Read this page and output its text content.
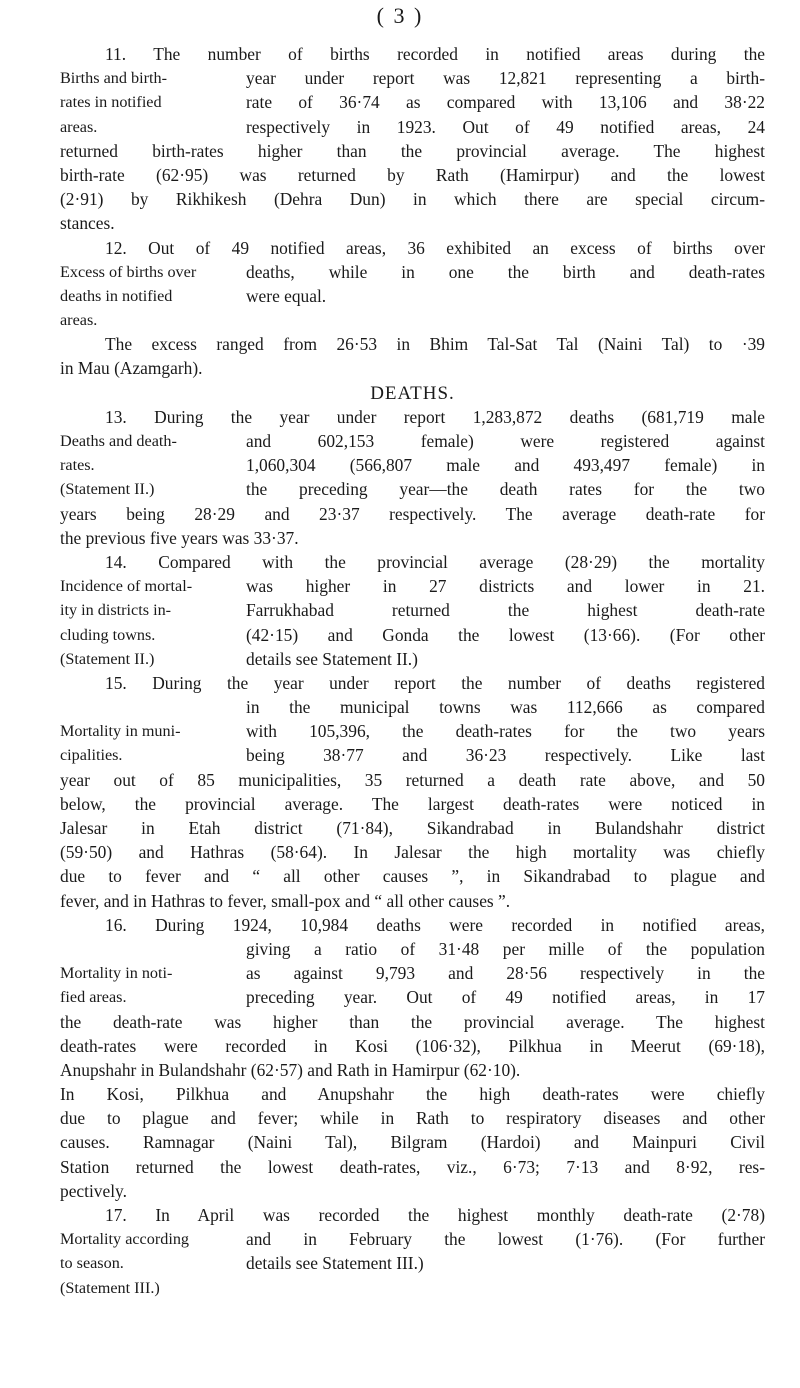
( 3 )
11. The number of births recorded in notified areas during the
Births and birth-	year under report was 12,821 representing a birth-
rates in notified	rate of 36·74 as compared with 13,106 and 38·22
areas.	respectively in 1923. Out of 49 notified areas, 24
returned birth-rates higher than the provincial average. The highest
birth-rate (62·95) was returned by Rath (Hamirpur) and the lowest
(2·91) by Rikhikesh (Dehra Dun) in which there are special circum-
stances.
12. Out of 49 notified areas, 36 exhibited an excess of births over
Excess of births over	deaths, while in one the birth and death-rates
deaths in notified	were equal.
areas.
The excess ranged from 26·53 in Bhim Tal-Sat Tal (Naini Tal) to ·39
in Mau (Azamgarh).
DEATHS.
13. During the year under report 1,283,872 deaths (681,719 male
Deaths and death-	and 602,153 female) were registered against
rates.	1,060,304 (566,807 male and 493,497 female) in
(Statement II.)	the preceding year—the death rates for the two
years being 28·29 and 23·37 respectively. The average death-rate for
the previous five years was 33·37.
14. Compared with the provincial average (28·29) the mortality
Incidence of mortal-	was higher in 27 districts and lower in 21.
ity in districts in-	Farrukhabad returned the highest death-rate
cluding towns.	(42·15) and Gonda the lowest (13·66). (For other
(Statement II.)	details see Statement II.)
15. During the year under report the number of deaths registered
in the municipal towns was 112,666 as compared
Mortality in muni-	with 105,396, the death-rates for the two years
cipalities.	being 38·77 and 36·23 respectively. Like last
year out of 85 municipalities, 35 returned a death rate above, and 50
below, the provincial average. The largest death-rates were noticed in
Jalesar in Etah district (71·84), Sikandrabad in Bulandshahr district
(59·50) and Hathras (58·64). In Jalesar the high mortality was chiefly
due to fever and “ all other causes ”, in Sikandrabad to plague and
fever, and in Hathras to fever, small-pox and “ all other causes ”.
16. During 1924, 10,984 deaths were recorded in notified areas,
giving a ratio of 31·48 per mille of the population
Mortality in noti-	as against 9,793 and 28·56 respectively in the
fied areas.	preceding year. Out of 49 notified areas, in 17
the death-rate was higher than the provincial average. The highest
death-rates were recorded in Kosi (106·32), Pilkhua in Meerut (69·18),
Anupshahr in Bulandshahr (62·57) and Rath in Hamirpur (62·10).
In Kosi, Pilkhua and Anupshahr the high death-rates were chiefly
due to plague and fever; while in Rath to respiratory diseases and other
causes. Ramnagar (Naini Tal), Bilgram (Hardoi) and Mainpuri Civil
Station returned the lowest death-rates, viz., 6·73; 7·13 and 8·92, res-
pectively.
17. In April was recorded the highest monthly death-rate (2·78)
Mortality according	and in February the lowest (1·76). (For further
to season.	details see Statement III.)
(Statement III.)
